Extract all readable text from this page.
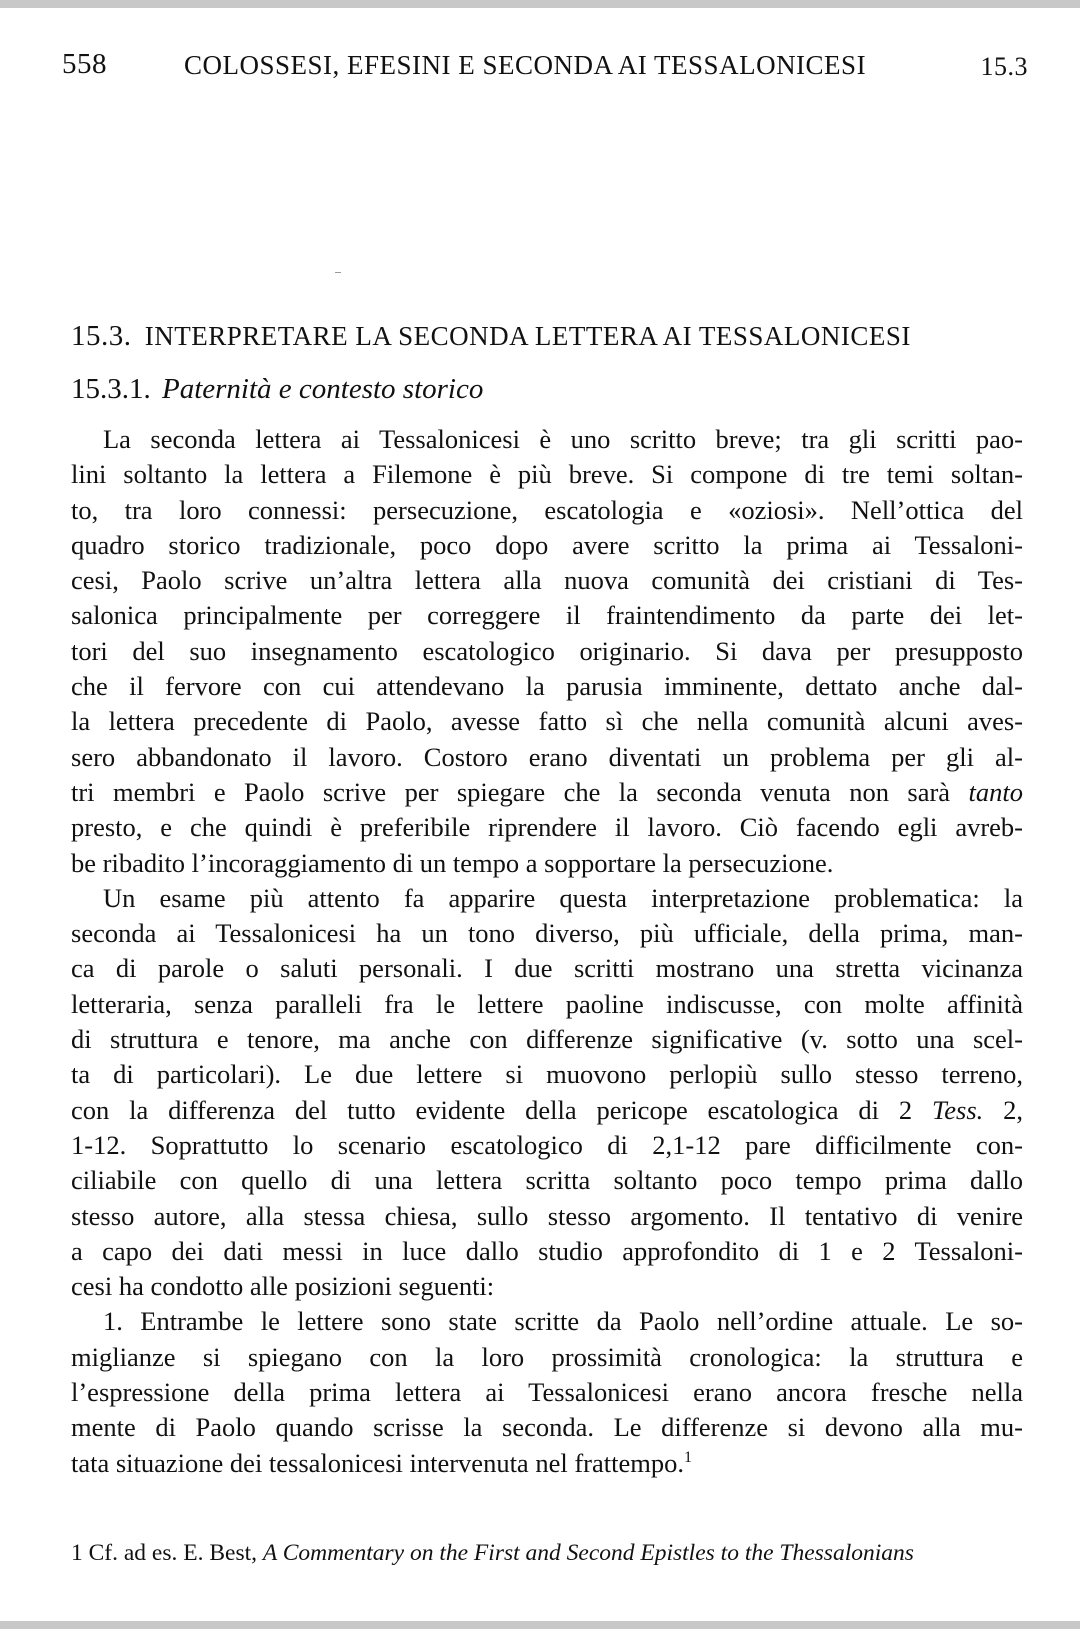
558	COLOSSESI, EFESINI E SECONDA AI TESSALONICESI	15.3
15.3. INTERPRETARE LA SECONDA LETTERA AI TESSALONICESI
15.3.1. Paternità e contesto storico
La seconda lettera ai Tessalonicesi è uno scritto breve; tra gli scritti pao-
lini soltanto la lettera a Filemone è più breve. Si compone di tre temi soltan-
to, tra loro connessi: persecuzione, escatologia e «oziosi». Nell’ottica del
quadro storico tradizionale, poco dopo avere scritto la prima ai Tessaloni-
cesi, Paolo scrive un’altra lettera alla nuova comunità dei cristiani di Tes-
salonica principalmente per correggere il fraintendimento da parte dei let-
tori del suo insegnamento escatologico originario. Si dava per presupposto
che il fervore con cui attendevano la parusia imminente, dettato anche dal-
la lettera precedente di Paolo, avesse fatto sì che nella comunità alcuni aves-
sero abbandonato il lavoro. Costoro erano diventati un problema per gli al-
tri membri e Paolo scrive per spiegare che la seconda venuta non sarà tanto
presto, e che quindi è preferibile riprendere il lavoro. Ciò facendo egli avreb-
be ribadito l’incoraggiamento di un tempo a sopportare la persecuzione.
Un esame più attento fa apparire questa interpretazione problematica: la
seconda ai Tessalonicesi ha un tono diverso, più ufficiale, della prima, man-
ca di parole o saluti personali. I due scritti mostrano una stretta vicinanza
letteraria, senza paralleli fra le lettere paoline indiscusse, con molte affinità
di struttura e tenore, ma anche con differenze significative (v. sotto una scel-
ta di particolari). Le due lettere si muovono perlopiù sullo stesso terreno,
con la differenza del tutto evidente della pericope escatologica di 2 Tess. 2,
1-12. Soprattutto lo scenario escatologico di 2,1-12 pare difficilmente con-
ciliabile con quello di una lettera scritta soltanto poco tempo prima dallo
stesso autore, alla stessa chiesa, sullo stesso argomento. Il tentativo di venire
a capo dei dati messi in luce dallo studio approfondito di 1 e 2 Tessaloni-
cesi ha condotto alle posizioni seguenti:
1. Entrambe le lettere sono state scritte da Paolo nell’ordine attuale. Le so-
miglianze si spiegano con la loro prossimità cronologica: la struttura e
l’espressione della prima lettera ai Tessalonicesi erano ancora fresche nella
mente di Paolo quando scrisse la seconda. Le differenze si devono alla mu-
tata situazione dei tessalonicesi intervenuta nel frattempo.$^1$
1 Cf. ad es. E. Best, A Commentary on the First and Second Epistles to the Thessalonians
